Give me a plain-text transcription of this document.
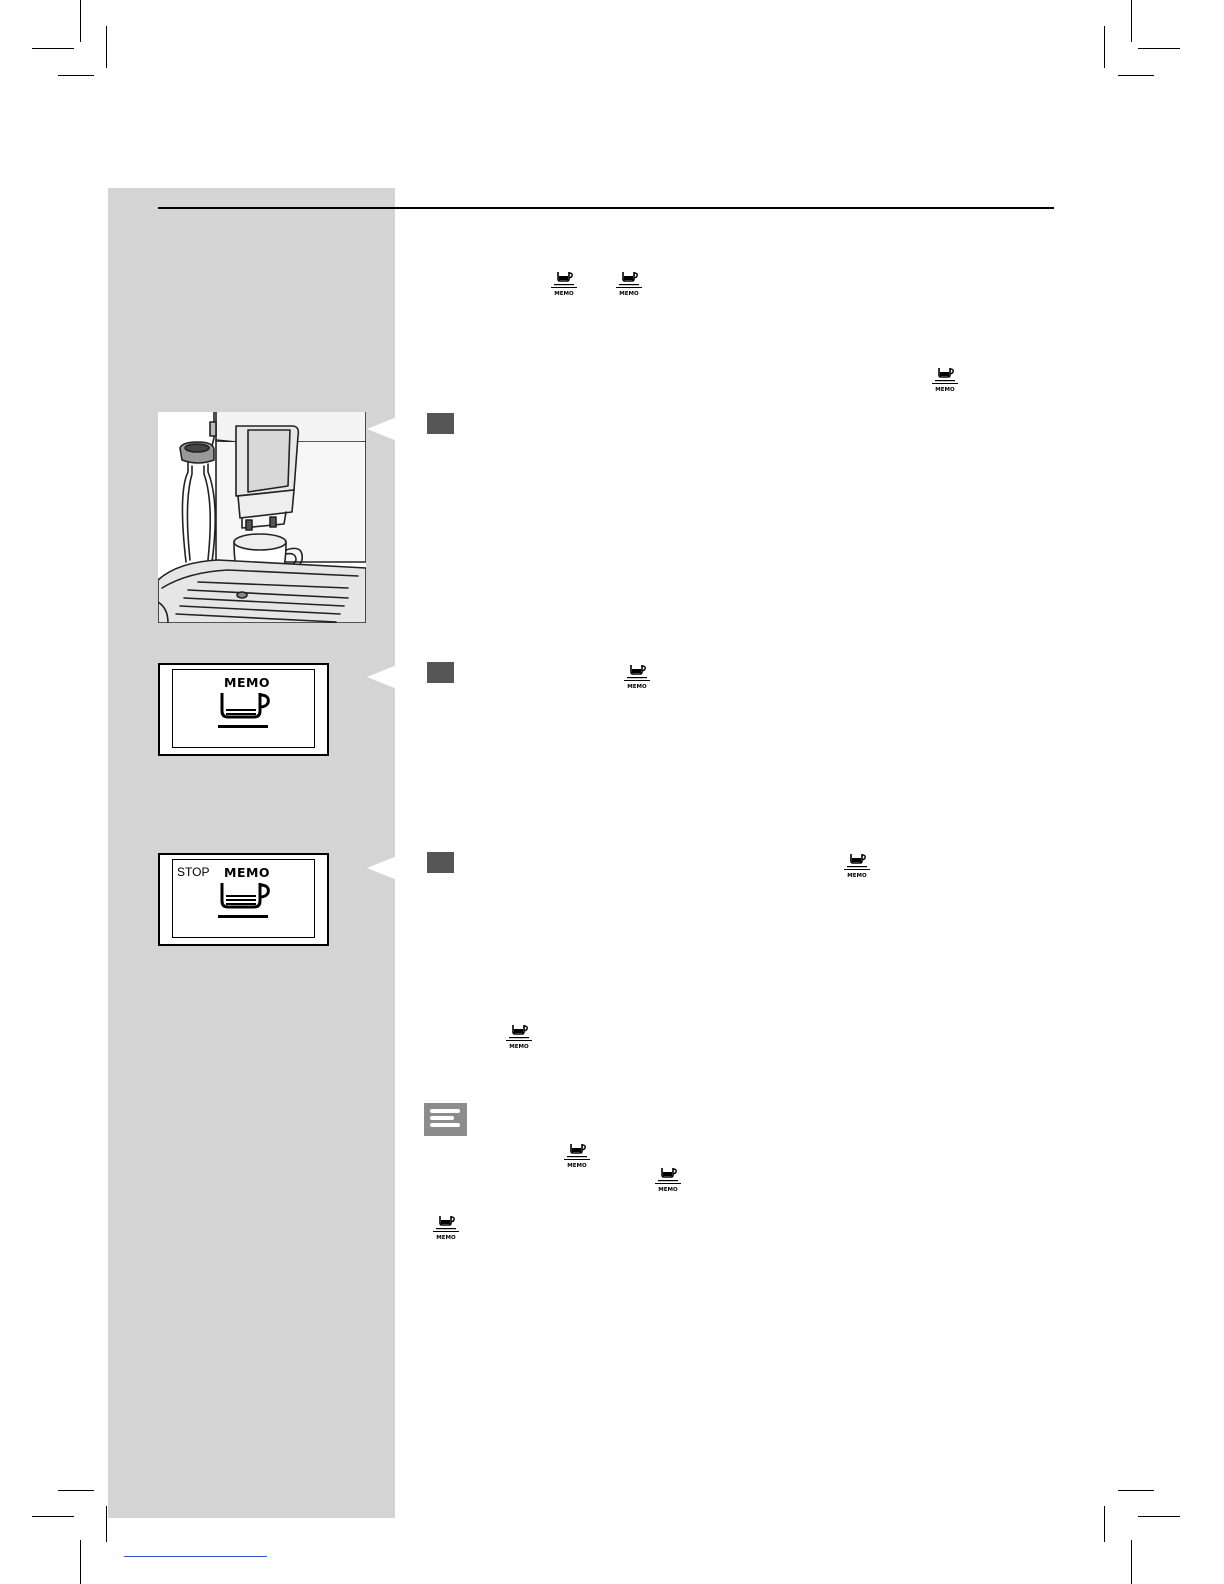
MEMO
STOP MEMO
MEMO	MEMO
MEMO
MEMO
MEMO
MEMO
MEMO
MEMO
MEMO
